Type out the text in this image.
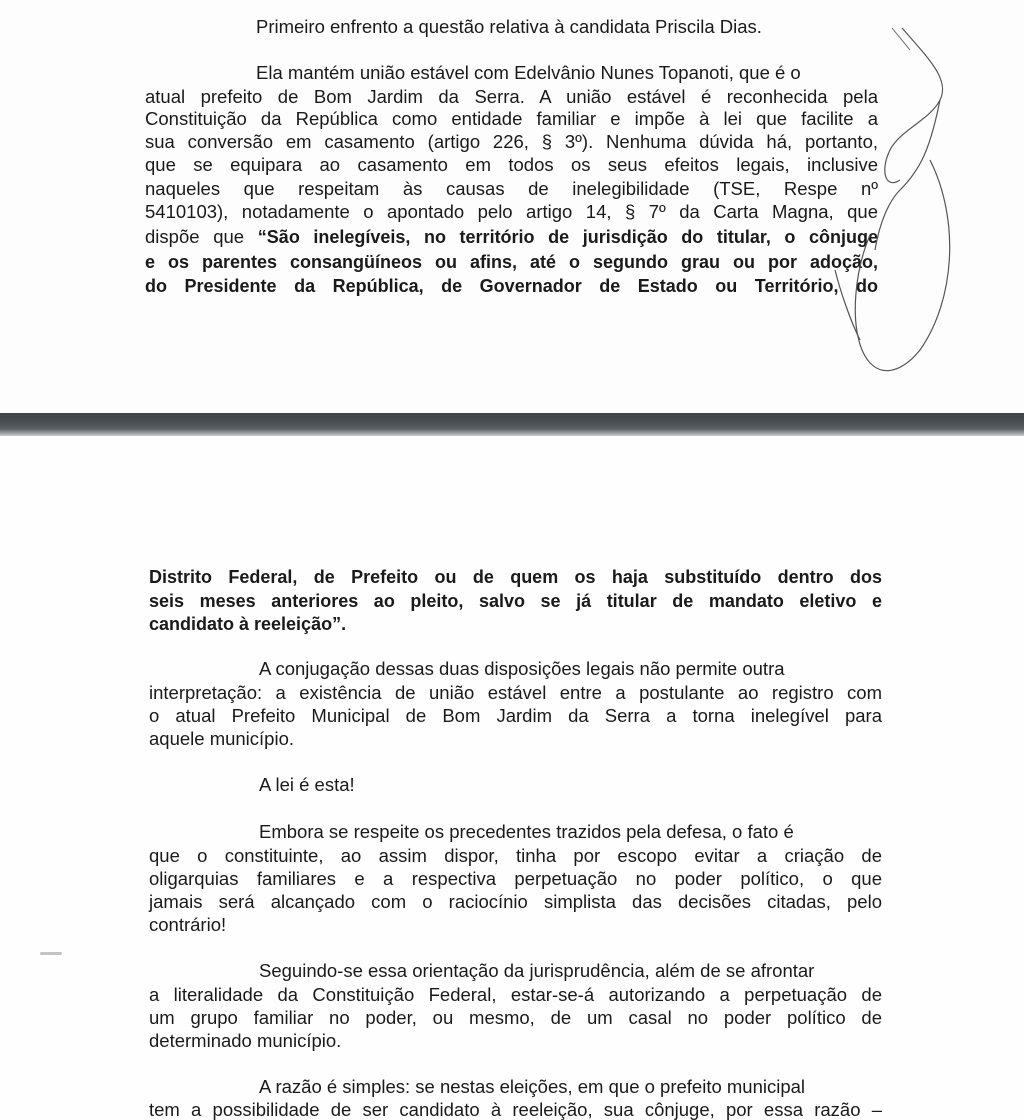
Primeiro enfrento a questão relativa à candidata Priscila Dias.

Ela mantém união estável com Edelvânio Nunes Topanoti, que é o

atual prefeito de Bom Jardim da Serra. A união estável é reconhecida pela

Constituição da República como entidade familiar e impõe à lei que facilite a

sua conversão em casamento (artigo 226, § 3º). Nenhuma dúvida há, portanto,

que se equipara ao casamento em todos os seus efeitos legais, inclusive

naqueles que respeitam às causas de inelegibilidade (TSE, Respe nº

5410103), notadamente o apontado pelo artigo 14, § 7º da Carta Magna, que

dispõe que “São inelegíveis, no território de jurisdição do titular, o cônjuge

e os parentes consangüíneos ou afins, até o segundo grau ou por adoção,

do Presidente da República, de Governador de Estado ou Território, do

Distrito Federal, de Prefeito ou de quem os haja substituído dentro dos

seis meses anteriores ao pleito, salvo se já titular de mandato eletivo e

candidato à reeleição”.

A conjugação dessas duas disposições legais não permite outra

interpretação: a existência de união estável entre a postulante ao registro com

o atual Prefeito Municipal de Bom Jardim da Serra a torna inelegível para

aquele município.

A lei é esta!

Embora se respeite os precedentes trazidos pela defesa, o fato é

que o constituinte, ao assim dispor, tinha por escopo evitar a criação de

oligarquias familiares e a respectiva perpetuação no poder político, o que

jamais será alcançado com o raciocínio simplista das decisões citadas, pelo

contrário!

Seguindo-se essa orientação da jurisprudência, além de se afrontar

a literalidade da Constituição Federal, estar-se-á autorizando a perpetuação de

um grupo familiar no poder, ou mesmo, de um casal no poder político de

determinado município.

A razão é simples: se nestas eleições, em que o prefeito municipal

tem a possibilidade de ser candidato à reeleição, sua cônjuge, por essa razão –
